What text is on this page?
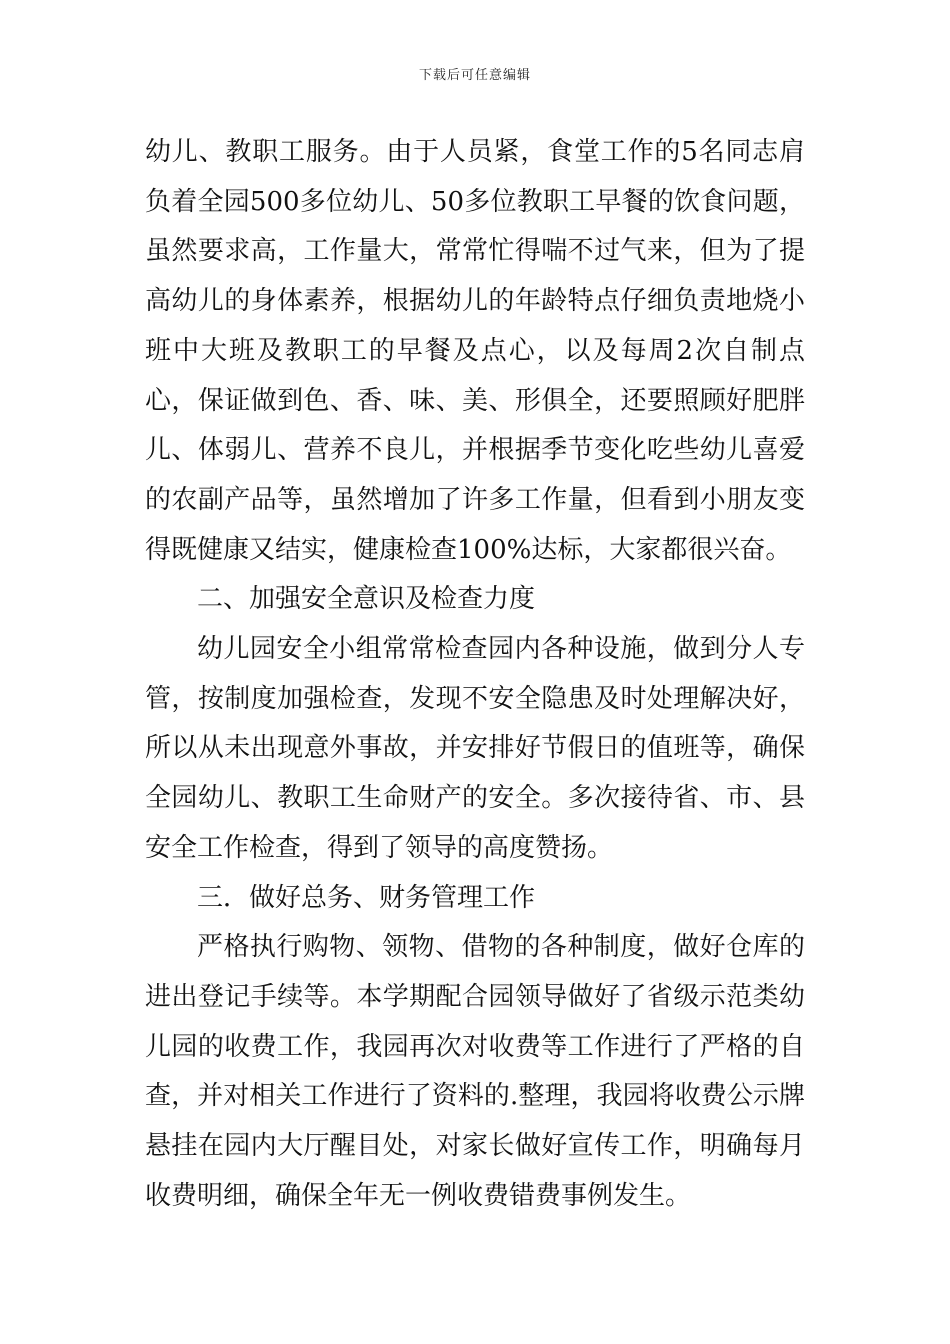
下载后可任意编辑

幼儿、教职工服务。由于人员紧，食堂工作的5名同志肩负着全园500多位幼儿、50多位教职工早餐的饮食问题，虽然要求高，工作量大，常常忙得喘不过气来，但为了提高幼儿的身体素养，根据幼儿的年龄特点仔细负责地烧小班中大班及教职工的早餐及点心，以及每周2次自制点心，保证做到色、香、味、美、形俱全，还要照顾好肥胖儿、体弱儿、营养不良儿，并根据季节变化吃些幼儿喜爱的农副产品等，虽然增加了许多工作量，但看到小朋友变得既健康又结实，健康检查100%达标，大家都很兴奋。

二、加强安全意识及检查力度

幼儿园安全小组常常检查园内各种设施，做到分人专管，按制度加强检查，发现不安全隐患及时处理解决好，所以从未出现意外事故，并安排好节假日的值班等，确保全园幼儿、教职工生命财产的安全。多次接待省、市、县安全工作检查，得到了领导的高度赞扬。

三．做好总务、财务管理工作

严格执行购物、领物、借物的各种制度，做好仓库的进出登记手续等。本学期配合园领导做好了省级示范类幼儿园的收费工作，我园再次对收费等工作进行了严格的自查，并对相关工作进行了资料的.整理，我园将收费公示牌悬挂在园内大厅醒目处，对家长做好宣传工作，明确每月收费明细，确保全年无一例收费错费事例发生。
